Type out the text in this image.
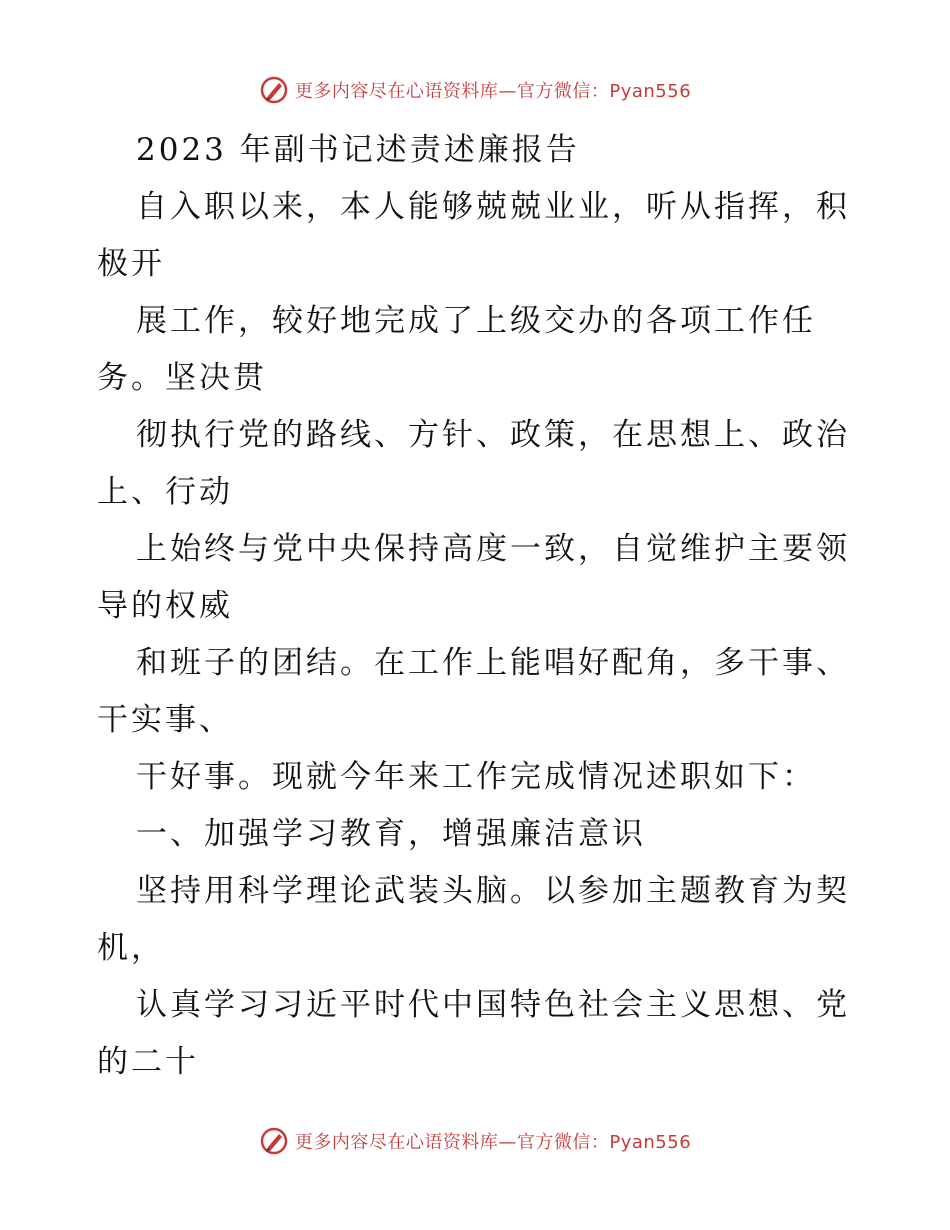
更多内容尽在心语资料库—官方微信：Pyan556
2023 年副书记述责述廉报告
自入职以来，本人能够兢兢业业，听从指挥，积
极开
展工作，较好地完成了上级交办的各项工作任
务。坚决贯
彻执行党的路线、方针、政策，在思想上、政治
上、行动
上始终与党中央保持高度一致，自觉维护主要领
导的权威
和班子的团结。在工作上能唱好配角，多干事、
干实事、
干好事。现就今年来工作完成情况述职如下：
一、加强学习教育，增强廉洁意识
坚持用科学理论武装头脑。以参加主题教育为契
机，
认真学习习近平时代中国特色社会主义思想、党
的二十
更多内容尽在心语资料库—官方微信：Pyan556
